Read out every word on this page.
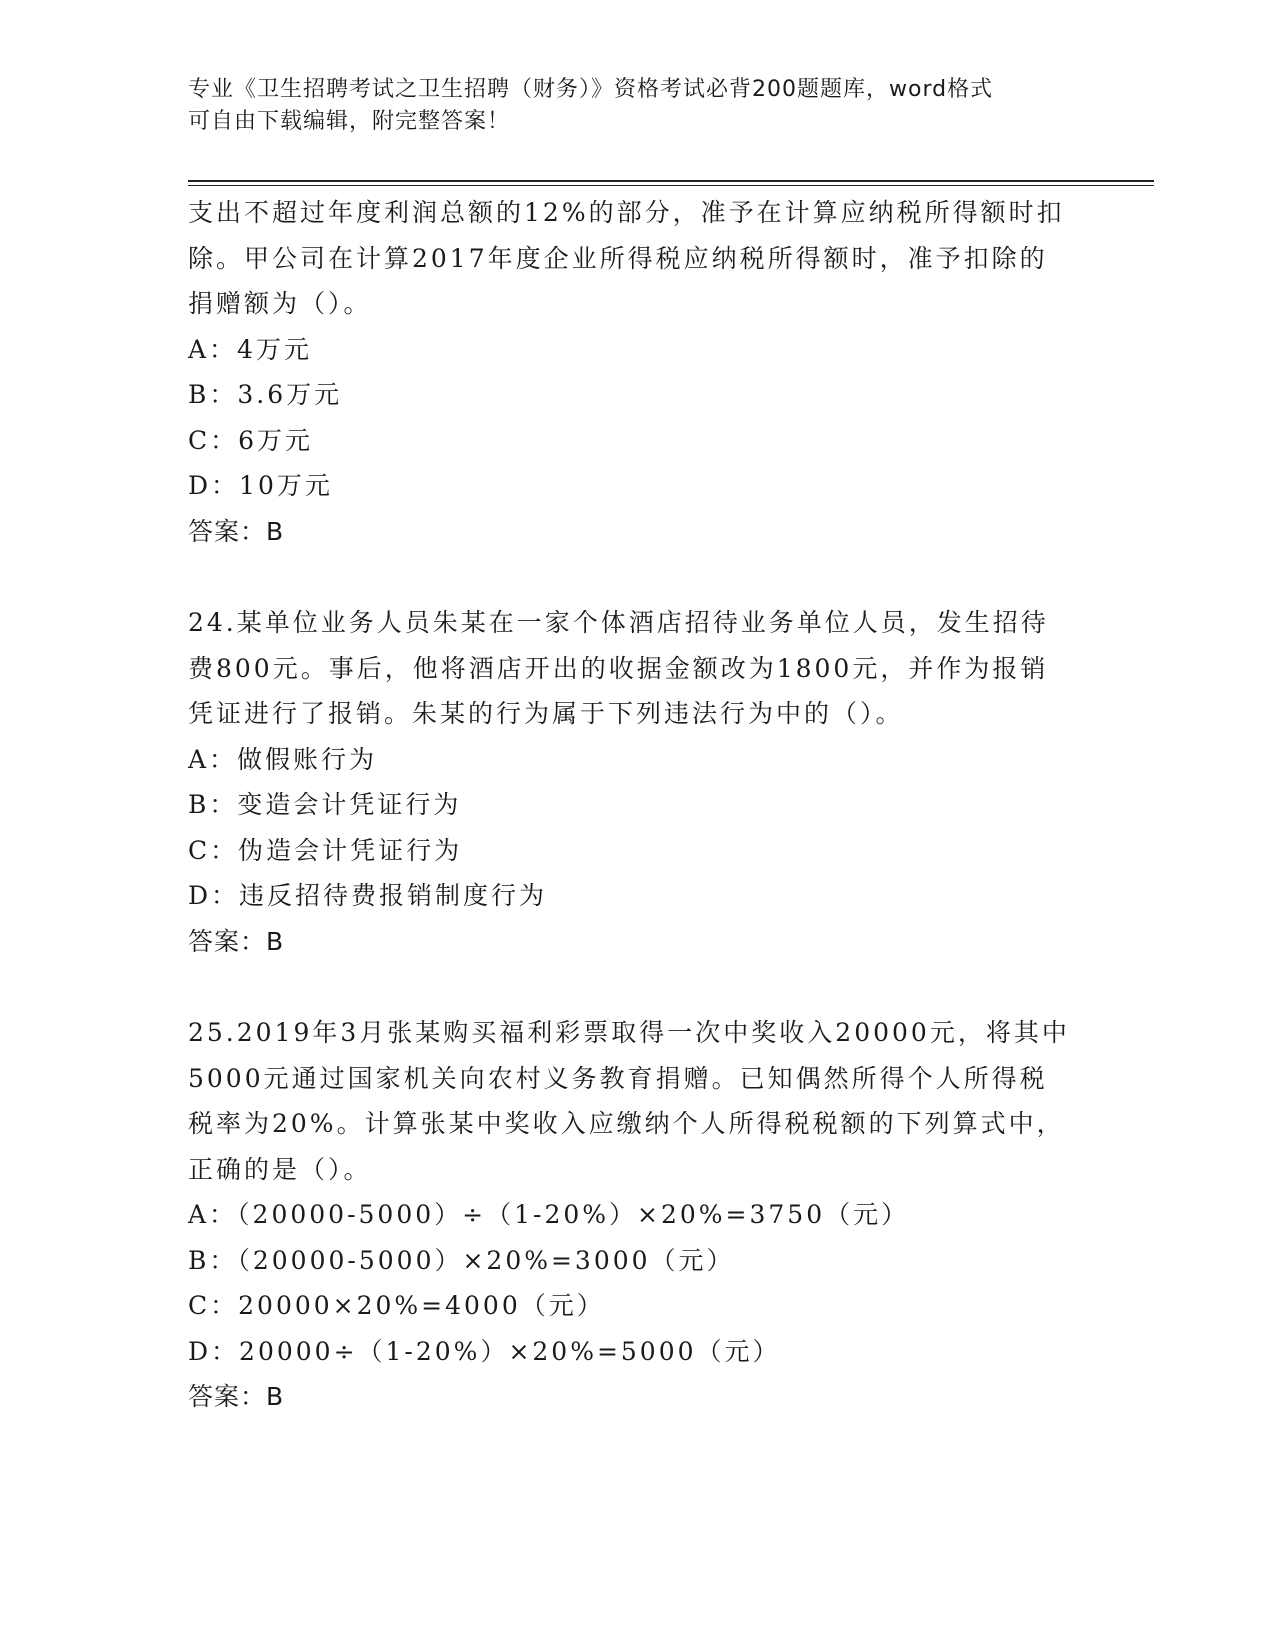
专业《卫生招聘考试之卫生招聘（财务）》资格考试必背200题题库，word格式
可自由下载编辑，附完整答案！
支出不超过年度利润总额的12%的部分，准予在计算应纳税所得额时扣
除。甲公司在计算2017年度企业所得税应纳税所得额时，准予扣除的
捐赠额为（）。
A：4万元
B：3.6万元
C：6万元
D：10万元
答案：B
24.某单位业务人员朱某在一家个体酒店招待业务单位人员，发生招待
费800元。事后，他将酒店开出的收据金额改为1800元，并作为报销
凭证进行了报销。朱某的行为属于下列违法行为中的（）。
A：做假账行为
B：变造会计凭证行为
C：伪造会计凭证行为
D：违反招待费报销制度行为
答案：B
25.2019年3月张某购买福利彩票取得一次中奖收入20000元，将其中
5000元通过国家机关向农村义务教育捐赠。已知偶然所得个人所得税
税率为20%。计算张某中奖收入应缴纳个人所得税税额的下列算式中，
正确的是（）。
A：（20000-5000）÷（1-20%）×20%=3750（元）
B：（20000-5000）×20%=3000（元）
C：20000×20%=4000（元）
D：20000÷（1-20%）×20%=5000（元）
答案：B
